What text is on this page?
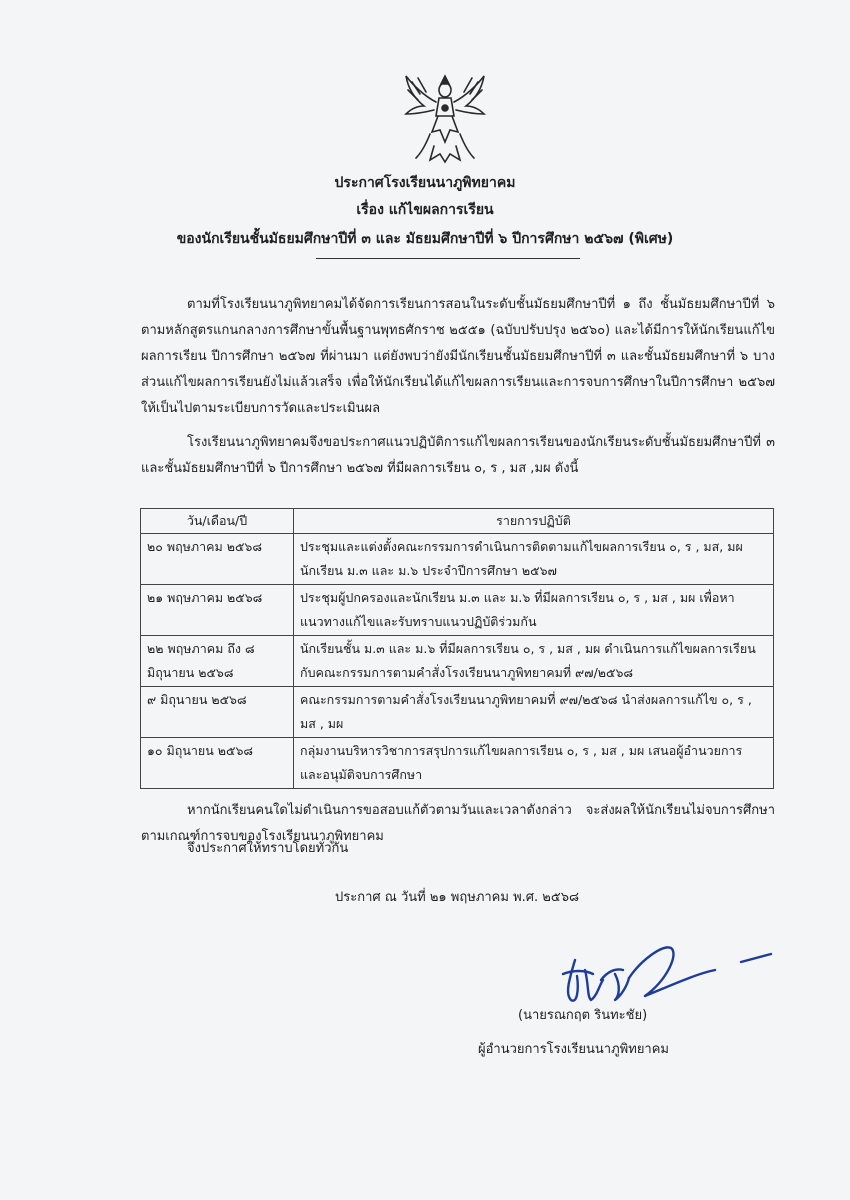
ประกาศโรงเรียนนาภูพิทยาคม
เรื่อง แก้ไขผลการเรียน
ของนักเรียนชั้นมัธยมศึกษาปีที่ ๓ และ มัธยมศึกษาปีที่ ๖ ปีการศึกษา ๒๕๖๗ (พิเศษ)
ตามที่โรงเรียนนาภูพิทยาคมได้จัดการเรียนการสอนในระดับชั้นมัธยมศึกษาปีที่ ๑ ถึง ชั้นมัธยมศึกษาปีที่ ๖ ตามหลักสูตรแกนกลางการศึกษาขั้นพื้นฐานพุทธศักราช ๒๕๕๑ (ฉบับปรับปรุง ๒๕๖๐) และได้มีการให้นักเรียนแก้ไขผลการเรียน ปีการศึกษา ๒๕๖๗ ที่ผ่านมา แต่ยังพบว่ายังมีนักเรียนชั้นมัธยมศึกษาปีที่ ๓ และชั้นมัธยมศึกษาที่ ๖ บางส่วนแก้ไขผลการเรียนยังไม่แล้วเสร็จ เพื่อให้นักเรียนได้แก้ไขผลการเรียนและการจบการศึกษาในปีการศึกษา ๒๕๖๗ ให้เป็นไปตามระเบียบการวัดและประเมินผล
โรงเรียนนาภูพิทยาคมจึงขอประกาศแนวปฏิบัติการแก้ไขผลการเรียนของนักเรียนระดับชั้นมัธยมศึกษาปีที่ ๓ และชั้นมัธยมศึกษาปีที่ ๖ ปีการศึกษา ๒๕๖๗ ที่มีผลการเรียน ๐, ร , มส ,มผ ดังนี้
วัน/เดือน/ปี	รายการปฏิบัติ
๒๐ พฤษภาคม ๒๕๖๘	ประชุมและแต่งตั้งคณะกรรมการดำเนินการติดตามแก้ไขผลการเรียน ๐, ร , มส, มผ นักเรียน ม.๓ และ ม.๖ ประจำปีการศึกษา ๒๕๖๗
๒๑ พฤษภาคม ๒๕๖๘	ประชุมผู้ปกครองและนักเรียน ม.๓ และ ม.๖ ที่มีผลการเรียน ๐, ร , มส , มผ เพื่อหาแนวทางแก้ไขและรับทราบแนวปฏิบัติร่วมกัน
๒๒ พฤษภาคม ถึง ๘ มิถุนายน ๒๕๖๘	นักเรียนชั้น ม.๓ และ ม.๖ ที่มีผลการเรียน ๐, ร , มส , มผ ดำเนินการแก้ไขผลการเรียน กับคณะกรรมการตามคำสั่งโรงเรียนนาภูพิทยาคมที่ ๙๗/๒๕๖๘
๙ มิถุนายน ๒๕๖๘	คณะกรรมการตามคำสั่งโรงเรียนนาภูพิทยาคมที่ ๙๗/๒๕๖๘ นำส่งผลการแก้ไข ๐, ร , มส , มผ
๑๐ มิถุนายน ๒๕๖๘	กลุ่มงานบริหารวิชาการสรุปการแก้ไขผลการเรียน ๐, ร , มส , มผ เสนอผู้อำนวยการ และอนุมัติจบการศึกษา
หากนักเรียนคนใดไม่ดำเนินการขอสอบแก้ตัวตามวันและเวลาดังกล่าว จะส่งผลให้นักเรียนไม่จบการศึกษาตามเกณฑ์การจบของโรงเรียนนาภูพิทยาคม
จึงประกาศให้ทราบโดยทั่วกัน
ประกาศ ณ วันที่ ๒๑ พฤษภาคม พ.ศ. ๒๕๖๘
(นายรณกฤต รินทะชัย)
ผู้อำนวยการโรงเรียนนาภูพิทยาคม
